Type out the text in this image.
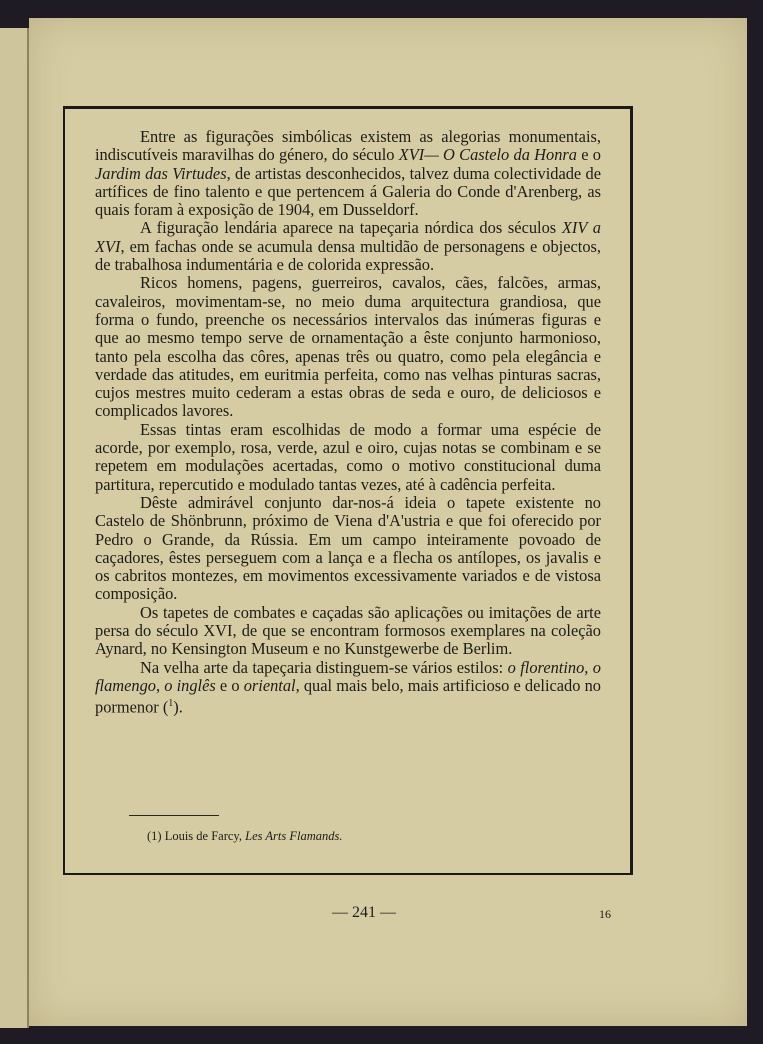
Entre as figurações simbólicas existem as alegorias monumentais, indiscutíveis maravilhas do género, do século XVI— O Castelo da Honra e o Jardim das Virtudes, de artistas desconhecidos, talvez duma colectividade de artífices de fino talento e que pertencem á Galeria do Conde d'Arenberg, as quais foram à exposição de 1904, em Dusseldorf.

A figuração lendária aparece na tapeçaria nórdica dos séculos XIV a XVI, em fachas onde se acumula densa multidão de personagens e objectos, de trabalhosa indumentária e de colorida expressão.

Ricos homens, pagens, guerreiros, cavalos, cães, falcões, armas, cavaleiros, movimentam-se, no meio duma arquitectura grandiosa, que forma o fundo, preenche os necessários intervalos das inúmeras figuras e que ao mesmo tempo serve de ornamentação a êste conjunto harmonioso, tanto pela escolha das côres, apenas três ou quatro, como pela elegância e verdade das atitudes, em euritmia perfeita, como nas velhas pinturas sacras, cujos mestres muito cederam a estas obras de seda e ouro, de deliciosos e complicados lavores.

Essas tintas eram escolhidas de modo a formar uma espécie de acorde, por exemplo, rosa, verde, azul e oiro, cujas notas se combinam e se repetem em modulações acertadas, como o motivo constitucional duma partitura, repercutido e modulado tantas vezes, até à cadência perfeita.

Dêste admirável conjunto dar-nos-á ideia o tapete existente no Castelo de Shönbrunn, próximo de Viena d'A'ustria e que foi oferecido por Pedro o Grande, da Rússia. Em um campo inteiramente povoado de caçadores, êstes perseguem com a lança e a flecha os antílopes, os javalis e os cabritos montezes, em movimentos excessivamente variados e de vistosa composição.

Os tapetes de combates e caçadas são aplicações ou imitações de arte persa do século XVI, de que se encontram formosos exemplares na coleção Aynard, no Kensington Museum e no Kunstgewerbe de Berlim.

Na velha arte da tapeçaria distinguem-se vários estilos: o florentino, o flamengo, o inglês e o oriental, qual mais belo, mais artificioso e delicado no pormenor ($^1$).

(1) Louis de Farcy, Les Arts Flamands.
— 241 —	16
